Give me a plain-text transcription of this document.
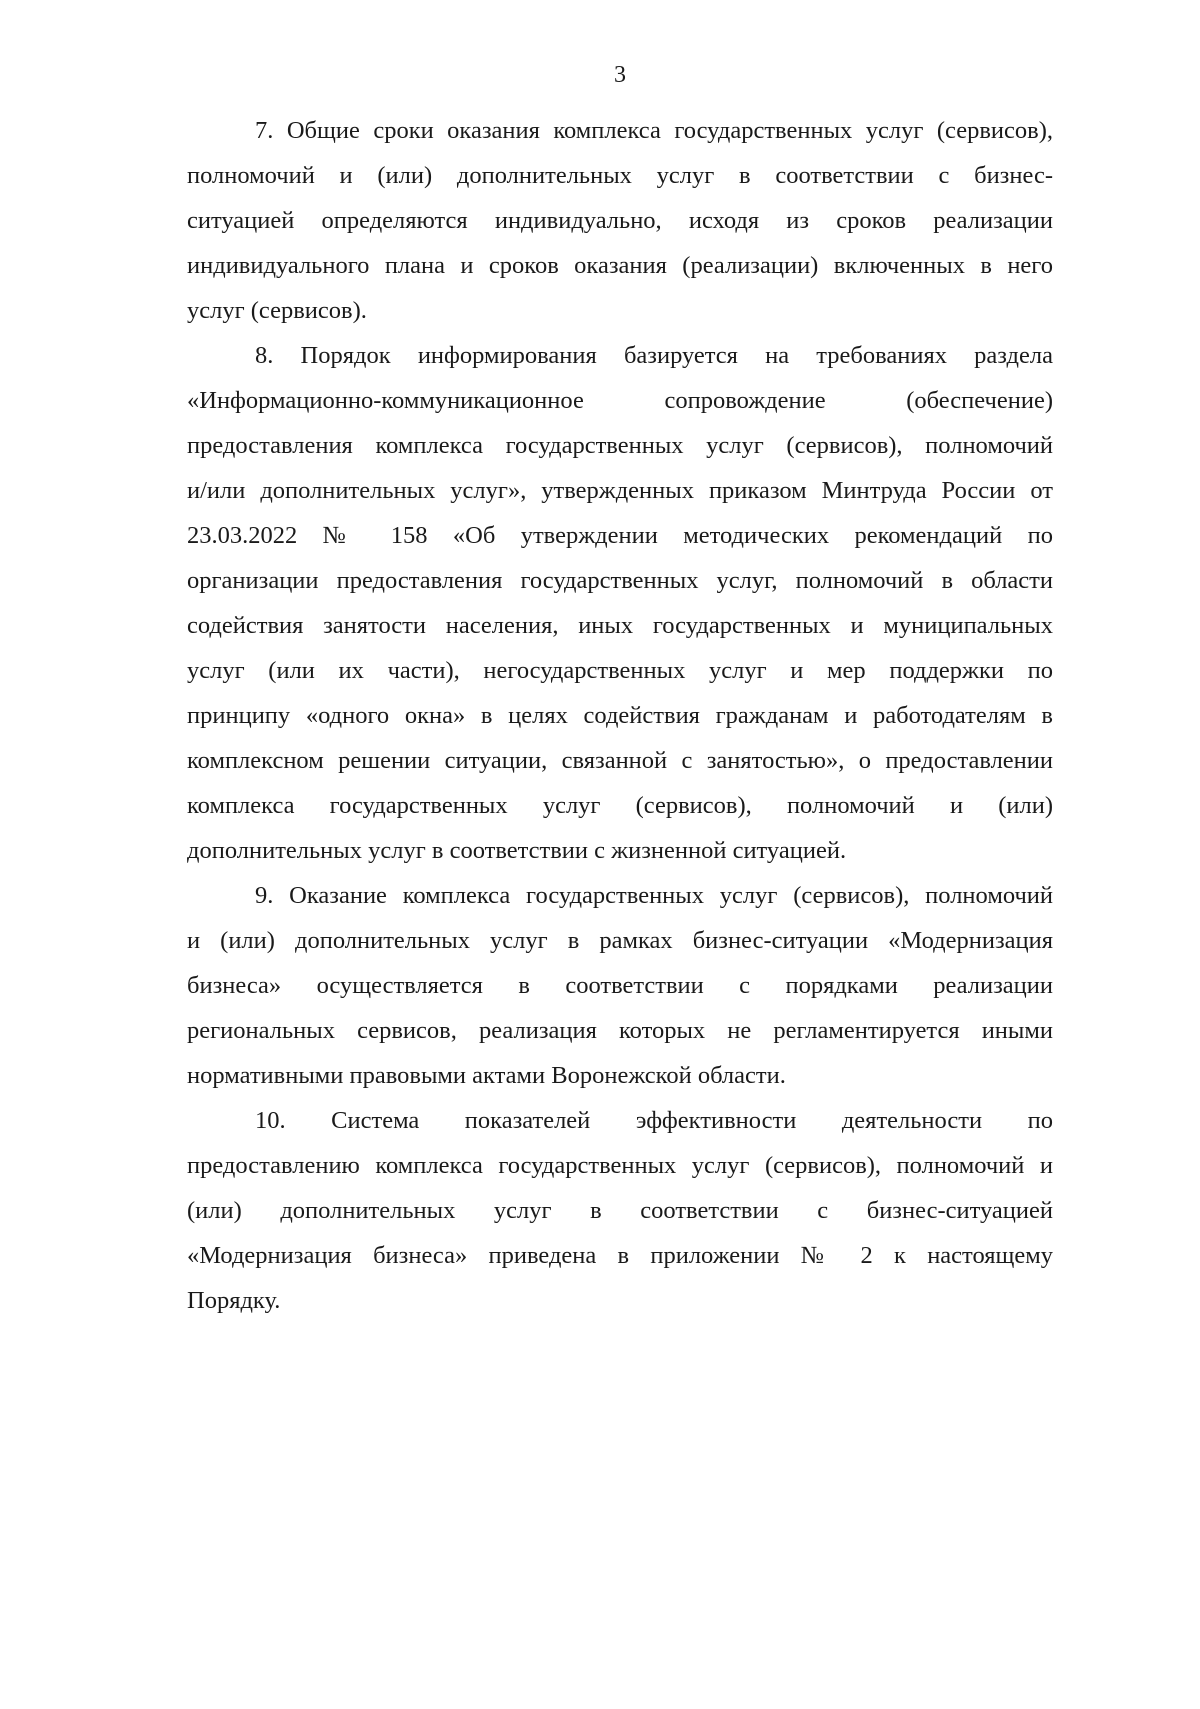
3
7. Общие сроки оказания комплекса государственных услуг (сервисов),
полномочий и (или) дополнительных услуг в соответствии с бизнес-
ситуацией определяются индивидуально, исходя из сроков реализации
индивидуального плана и сроков оказания (реализации) включенных в него
услуг (сервисов).
8. Порядок информирования базируется на требованиях раздела
«Информационно-коммуникационное сопровождение (обеспечение)
предоставления комплекса государственных услуг (сервисов), полномочий
и/или дополнительных услуг», утвержденных приказом Минтруда России от
23.03.2022 № 158 «Об утверждении методических рекомендаций по
организации предоставления государственных услуг, полномочий в области
содействия занятости населения, иных государственных и муниципальных
услуг (или их части), негосударственных услуг и мер поддержки по
принципу «одного окна» в целях содействия гражданам и работодателям в
комплексном решении ситуации, связанной с занятостью», о предоставлении
комплекса государственных услуг (сервисов), полномочий и (или)
дополнительных услуг в соответствии с жизненной ситуацией.
9. Оказание комплекса государственных услуг (сервисов), полномочий
и (или) дополнительных услуг в рамках бизнес-ситуации «Модернизация
бизнеса» осуществляется в соответствии с порядками реализации
региональных сервисов, реализация которых не регламентируется иными
нормативными правовыми актами Воронежской области.
10. Система показателей эффективности деятельности по
предоставлению комплекса государственных услуг (сервисов), полномочий и
(или) дополнительных услуг в соответствии с бизнес-ситуацией
«Модернизация бизнеса» приведена в приложении № 2 к настоящему
Порядку.
